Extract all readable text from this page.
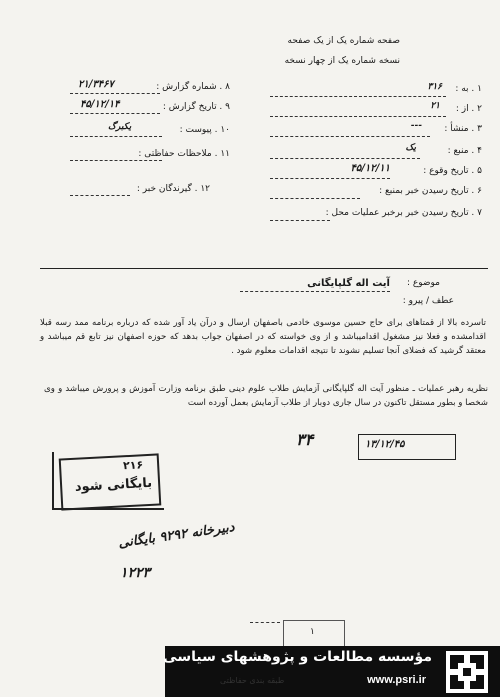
صفحه شماره یک از یک صفحه
نسخه شماره یک از چهار نسخه
۱ . به :
۳۱۶
۲ . از :
۲۱
۳ . منشأ :
---
۴ . منبع :
یک
۵ . تاریخ وقوع :
۴۵/۱۲/۱۱
۶ . تاریخ رسیدن خبر بمنبع :
۷ . تاریخ رسیدن خبر برخبر عملیات محل :
۸ . شماره گزارش :
۲۱/۳۴۶۷
۹ . تاریخ گزارش :
۴۵/۱۲/۱۴
۱۰ . پیوست :
یکبرگ
۱۱ . ملاحظات حفاظتی :
۱۲ . گیرندگان خبر :
موضوع :
آیت اله گلپایگانی
عطف / پیرو :
تاسرده بالا از قمتاهای برای حاج حسین موسوی خادمی باصفهان ارسال و درآن یاد آور شده که درباره برنامه ممد رسه قبلا اقدامشده و فعلا نیز مشغول اقدامیباشد و از وی خواسته که در اصفهان جواب بدهد که حوزه اصفهان نیز تابع قم میباشد و معتقد گرشید که فضلای آنجا تسلیم نشوند تا نتیجه اقدامات معلوم شود .
نظریه رهبر عملیات ـ منظور آیت اله گلپایگانی آزمایش طلاب علوم دینی طبق برنامه وزارت آموزش و پرورش میباشد و وی شخصا و بطور مستقل تاکنون در سال جاری دوبار از طلاب آزمایش بعمل آورده است
۳۴	۱۳/۱۲/۴۵
۲۱۶
بایگانی شود
دبیرخانه ۹۲۹۲ بایگانی
۱۲۲۳
۱
مؤسسه مطالعات و پژوهشهای سیاسی
www.psri.ir
طبقه بندی حفاظتی
